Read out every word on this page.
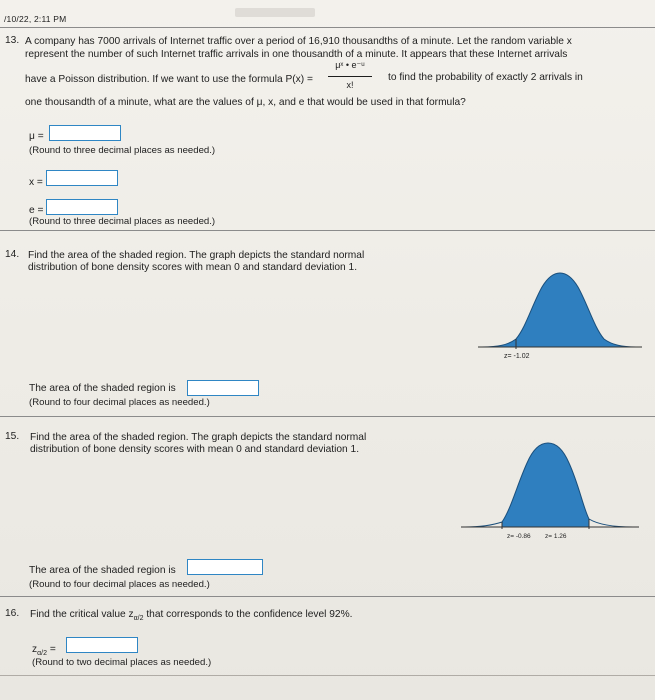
/10/22, 2:11 PM
13. A company has 7000 arrivals of Internet traffic over a period of 16,910 thousandths of a minute. Let the random variable x
represent the number of such Internet traffic arrivals in one thousandth of a minute. It appears that these Internet arrivals
have a Poisson distribution. If we want to use the formula P(x) =
μˣ • e⁻ᵘ
x!
to find the probability of exactly 2 arrivals in
one thousandth of a minute, what are the values of μ, x, and e that would be used in that formula?
μ =
(Round to three decimal places as needed.)
x =
e =
(Round to three decimal places as needed.)
14. Find the area of the shaded region. The graph depicts the standard normal
distribution of bone density scores with mean 0 and standard deviation 1.
z= -1.02
The area of the shaded region is
(Round to four decimal places as needed.)
15. Find the area of the shaded region. The graph depicts the standard normal
distribution of bone density scores with mean 0 and standard deviation 1.
z= -0.86 z= 1.26
The area of the shaded region is
(Round to four decimal places as needed.)
16. Find the critical value $z_{\alpha/2}$ that corresponds to the confidence level 92%.
$z_{\alpha/2}$ =
(Round to two decimal places as needed.)
